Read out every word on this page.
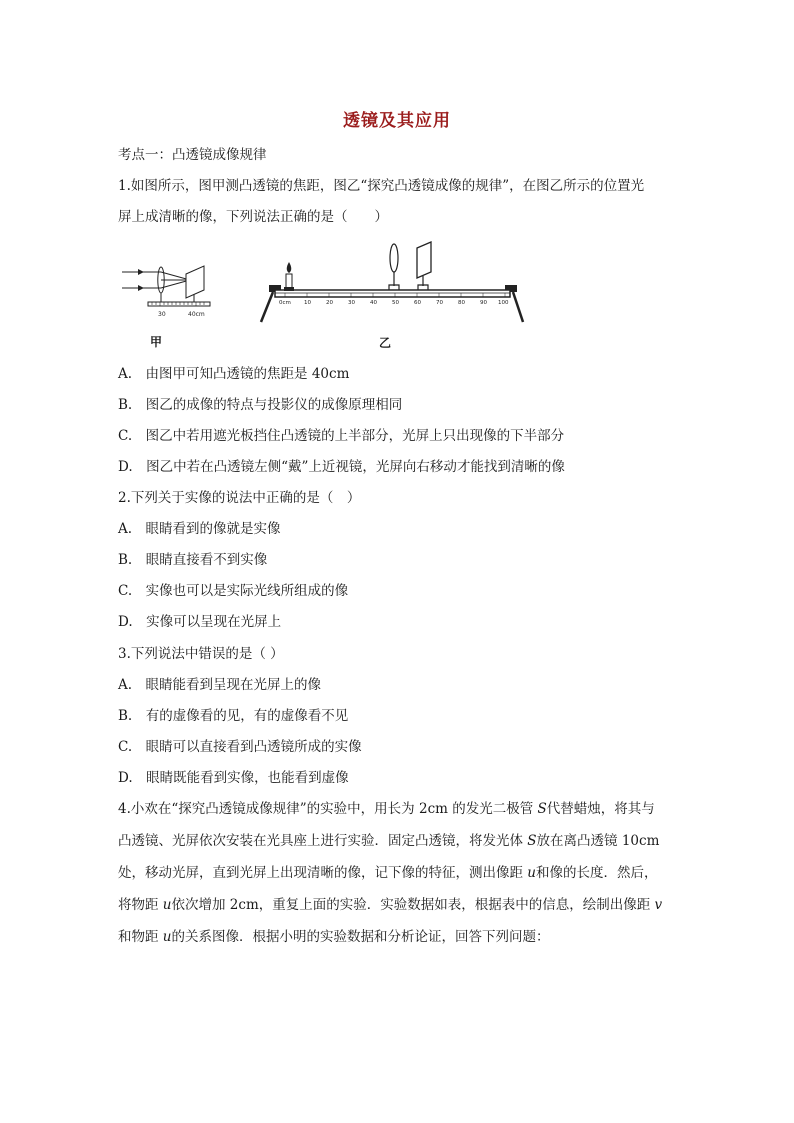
透镜及其应用
考点一：凸透镜成像规律
1.如图所示，图甲测凸透镜的焦距，图乙“探究凸透镜成像的规律”，在图乙所示的位置光
屏上成清晰的像，下列说法正确的是（　　）
30	40cm
甲
0cm 10	20	30	40	50	60	70	80	90 100
乙
A.　由图甲可知凸透镜的焦距是 40cm
B.　图乙的成像的特点与投影仪的成像原理相同
C.　图乙中若用遮光板挡住凸透镜的上半部分，光屏上只出现像的下半部分
D.　图乙中若在凸透镜左侧“戴”上近视镜，光屏向右移动才能找到清晰的像
2.下列关于实像的说法中正确的是（　）
A.　眼睛看到的像就是实像
B.　眼睛直接看不到实像
C.　实像也可以是实际光线所组成的像
D.　实像可以呈现在光屏上
3.下列说法中错误的是（ ）
A.　眼睛能看到呈现在光屏上的像
B.　有的虚像看的见，有的虚像看不见
C.　眼睛可以直接看到凸透镜所成的实像
D.　眼睛既能看到实像，也能看到虚像
4.小欢在“探究凸透镜成像规律”的实验中，用长为 2cm 的发光二极管 S代替蜡烛，将其与
凸透镜、光屏依次安装在光具座上进行实验．固定凸透镜，将发光体 S放在离凸透镜 10cm
处，移动光屏，直到光屏上出现清晰的像，记下像的特征，测出像距 u和像的长度．然后，
将物距 u依次增加 2cm，重复上面的实验．实验数据如表，根据表中的信息，绘制出像距 v
和物距 u的关系图像．根据小明的实验数据和分析论证，回答下列问题：
